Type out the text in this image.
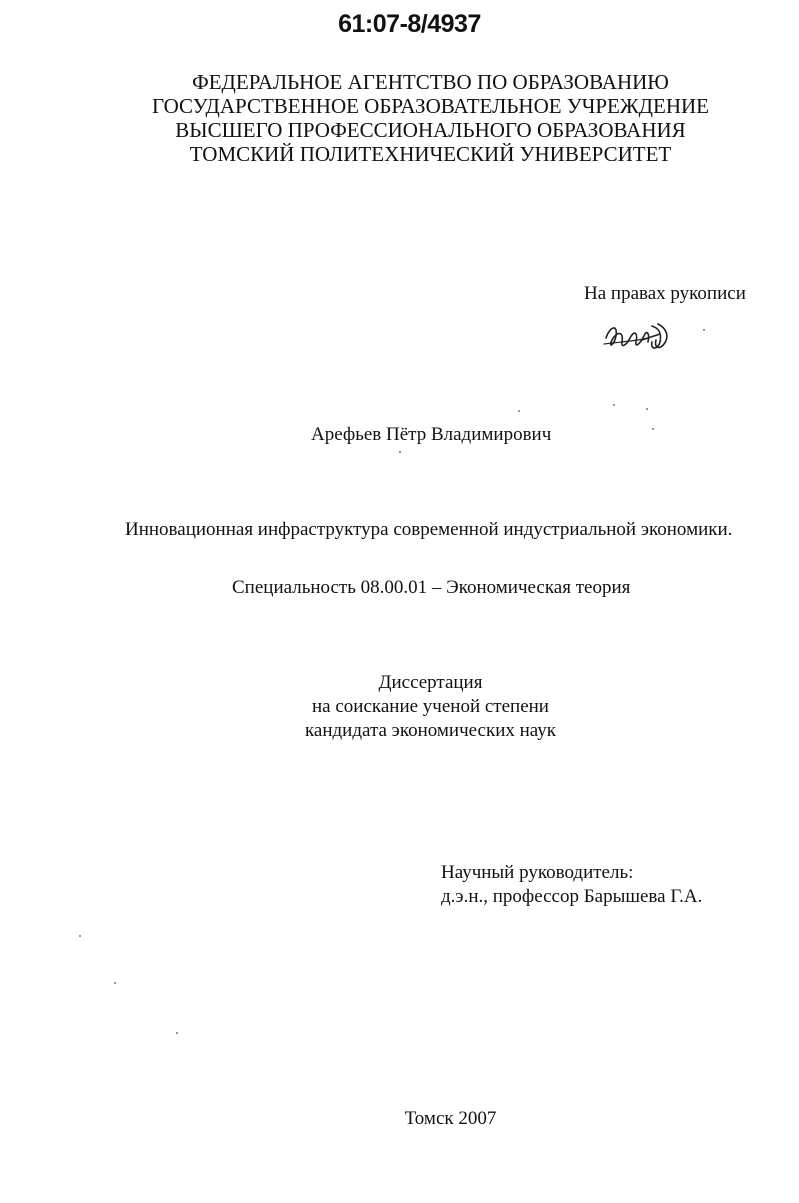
61:07-8/4937
ФЕДЕРАЛЬНОЕ АГЕНТСТВО ПО ОБРАЗОВАНИЮ
ГОСУДАРСТВЕННОЕ ОБРАЗОВАТЕЛЬНОЕ УЧРЕЖДЕНИЕ
ВЫСШЕГО ПРОФЕССИОНАЛЬНОГО ОБРАЗОВАНИЯ
ТОМСКИЙ ПОЛИТЕХНИЧЕСКИЙ УНИВЕРСИТЕТ
На правах рукописи
Арефьев Пётр Владимирович
Инновационная инфраструктура современной индустриальной экономики.
Специальность 08.00.01 – Экономическая теория
Диссертация
на соискание ученой степени
кандидата экономических наук
Научный руководитель:
д.э.н., профессор Барышева Г.А.
Томск 2007
